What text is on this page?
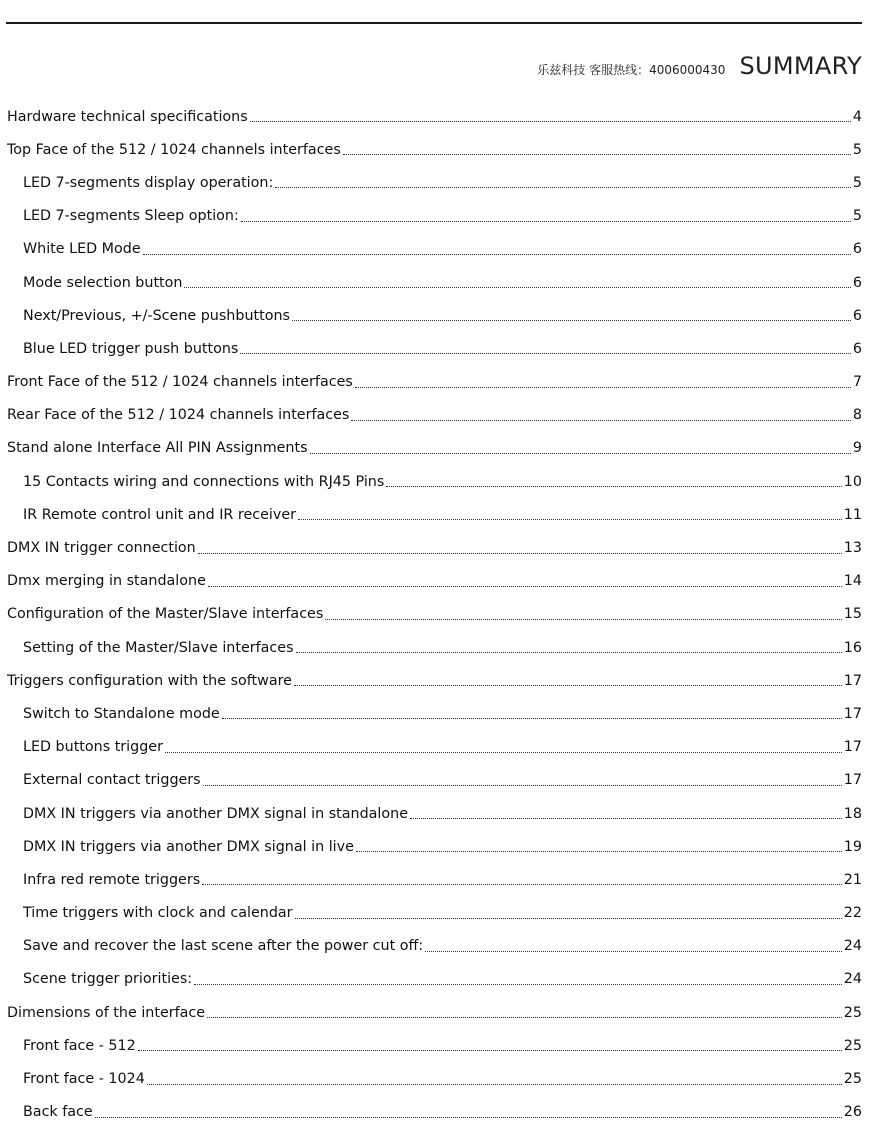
乐兹科技 客服热线：4006000430 SUMMARY
Hardware technical specifications	4
Top Face of the 512 / 1024 channels interfaces	5
LED 7-segments display operation:	5
LED 7-segments Sleep option:	5
White LED Mode	6
Mode selection button	6
Next/Previous, +/-Scene pushbuttons	6
Blue LED trigger push buttons	6
Front Face of the 512 / 1024 channels interfaces	7
Rear Face of the 512 / 1024 channels interfaces	8
Stand alone Interface All PIN Assignments	9
15 Contacts wiring and connections with RJ45 Pins	10
IR Remote control unit and IR receiver	11
DMX IN trigger connection	13
Dmx merging in standalone	14
Configuration of the Master/Slave interfaces	15
Setting of the Master/Slave interfaces	16
Triggers configuration with the software	17
Switch to Standalone mode	17
LED buttons trigger	17
External contact triggers	17
DMX IN triggers via another DMX signal in standalone	18
DMX IN triggers via another DMX signal in live	19
Infra red remote triggers	21
Time triggers with clock and calendar	22
Save and recover the last scene after the power cut off:	24
Scene trigger priorities:	24
Dimensions of the interface	25
Front face - 512	25
Front face - 1024	25
Back face	26
